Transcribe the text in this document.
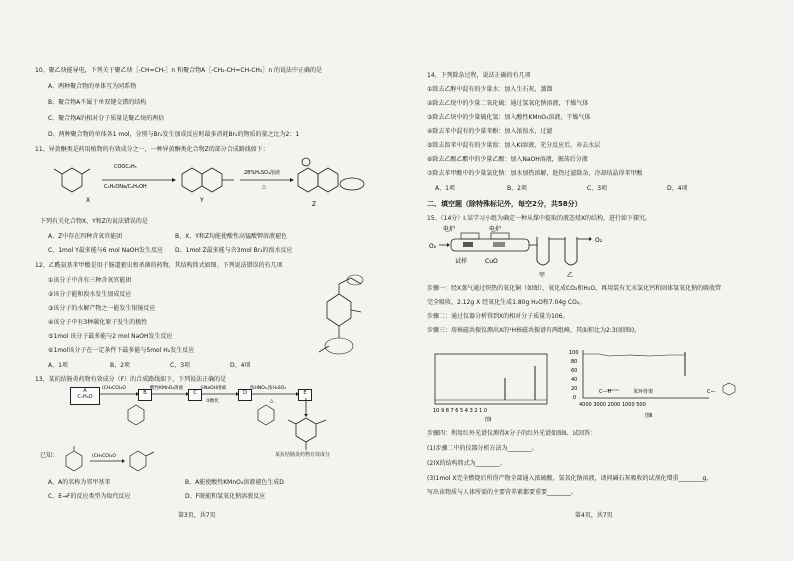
10、聚乙炔能导电，下列关于聚乙炔［-CH=CH-］n 和聚合物A［-CH₂-CH=CH-CH₂］n 的说法中正确的是
A、两种聚合物的单体互为同系物
B、聚合物A不属于单双键交错的结构
C、聚合物A的相对分子质量是聚乙炔的两倍
D、两种聚合物的单体各1 mol，分别与Br₂发生加成反应时最多消耗Br₂的物质的量之比为2：1
11、异黄酮类是药用植物的有效成分之一，一种异黄酮类化合物Z的部分合成路线如下：
X
COOC₂H₅
C₂H₅ONa/C₂H₅OH
Y
28%H₂SO₄溶液
△
Z
下列有关化合物X、Y和Z的说法错误的是
A、Z中存在四种含氧官能团	B、X、Y和Z均能使酸性高锰酸钾溶液褪色
C、1mol Y最多能与6 mol NaOH发生反应 D、1mol Z最多能与含3mol Br₂的溴水反应
12、乙酰氨基苯甲酸是用于肠道驱虫和杀菌的药物，其结构简式如图。下列说法错误的有几项
①该分子中含有三种含氧官能团
②该分子能和溴水发生加成反应
③该分子的水解产物之一能发生银镜反应
④该分子中有3种碳化原子发生的极性
⑤1mol 该分子最多能与2 mol NaOH发生反应
⑥1mol该分子在一定条件下最多能与5mol H₂发生反应
A、1项	B、2项	C、3项	D、4项
13、某抗结肠炎药物有效成分（F）的合成路线如下，下列说法正确的是
A
C₇H₈O
B	C	D	E
(CH₃CO)₂O	酸性KMnO₄溶液	①NaOH溶液
②酸化
浓HNO₃,浓H₂SO₄
△
某抗结肠炎药物有效成分
已知：	(CH₃CO)₂O
A、A的名称为邻甲基苯	B、A能使酸性KMnO₄溶液褪色生成D
C、E→F的反应类型为取代反应	D、F既能和氢氧化钠溶液反应
第3页，共7页
14、下列除杂过程，说法正确的有几项
①除去乙醇中混有的少量水：加入生石灰，蒸馏
②除去乙烷中的少量二氧化硫：通过氢氧化钠溶液，干燥气体
③除去乙炔中的少量硫化氢：加入酸性KMnO₄溶液，干燥气体
④除去苯中混有的少量苯酚：加入浓溴水，过滤
⑤除去溴苯中混有的少量溴：加入KI溶液，充分反应后，弃去水层
⑥除去乙酸乙酯中的少量乙酸：加入NaOH溶液，振荡后分液
⑦除去苯甲酸中的少量氯化钠：加水加热溶解，趁热过滤除杂，冷却结晶得苯甲酸
A、1项	B、2项	C、3项	D、4项
二、填空题（除特殊标记外，每空2分，共58分）
15、（14分）I.某学习小组为确定一种从煤中提取的液态烃X的结构，进行如下探究。
O₂
电炉	电炉
试样	CuO
甲	乙
O₂
步骤一：经X蒸气通过炽热的氧化铜（如图），氧化成CO₂和H₂O，再用装有无水氯化钙和固体氢氧化钠的吸收管
完全吸收。2.12g X 经氧化生成1.80g H₂O和7.04g CO₂。
步骤二：通过仪器分析得到X的相对分子质量为106。
步骤三：用核磁共振仪测出X的¹H核磁共振谱有两组峰，其面积比为2:3(如图Ⅰ)。
10 9 8 7 6 5 4 3 2 1 0
图Ⅰ
100
80
60
40
20
0
4000 3000 2000 1000 500
C—H	苯环骨架	C—
图Ⅱ
步骤四：利用红外光谱仪测得X分子的红外光谱如图Ⅱ。试回答：
(1)步骤二中的仪器分析方法为________。
(2)X的结构简式为________。
(3)1mol X完全燃烧后所得产物全部通入浓硫酸，氢氧化钠溶液，请问碱石灰吸收的试剂化增重________g，
写出该物质与人体所需的主要营养素都要重要________。
第4页，共7页
